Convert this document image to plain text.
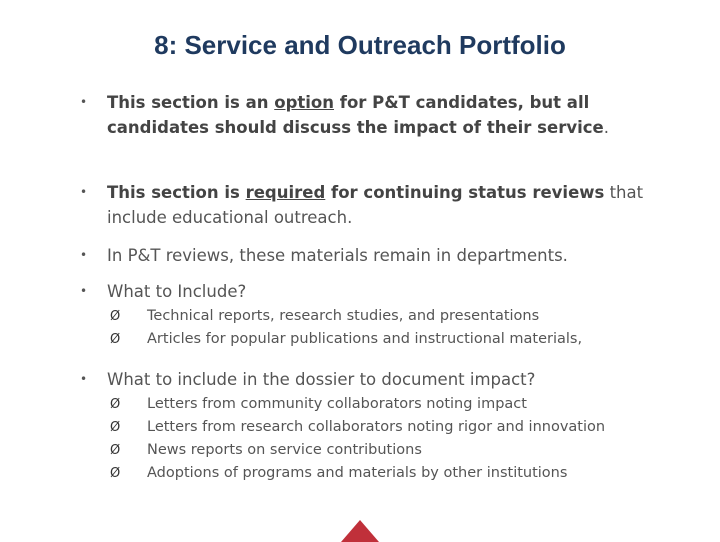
8: Service and Outreach Portfolio
• This section is an option for P&T candidates, but all candidates should discuss the impact of their service.
• This section is required for continuing status reviews that include educational outreach.
• In P&T reviews, these materials remain in departments.
• What to Include?
Ø Technical reports, research studies, and presentations
Ø Articles for popular publications and instructional materials,
• What to include in the dossier to document impact?
Ø Letters from community collaborators noting impact
Ø Letters from research collaborators noting rigor and innovation
Ø News reports on service contributions
Ø Adoptions of programs and materials by other institutions
